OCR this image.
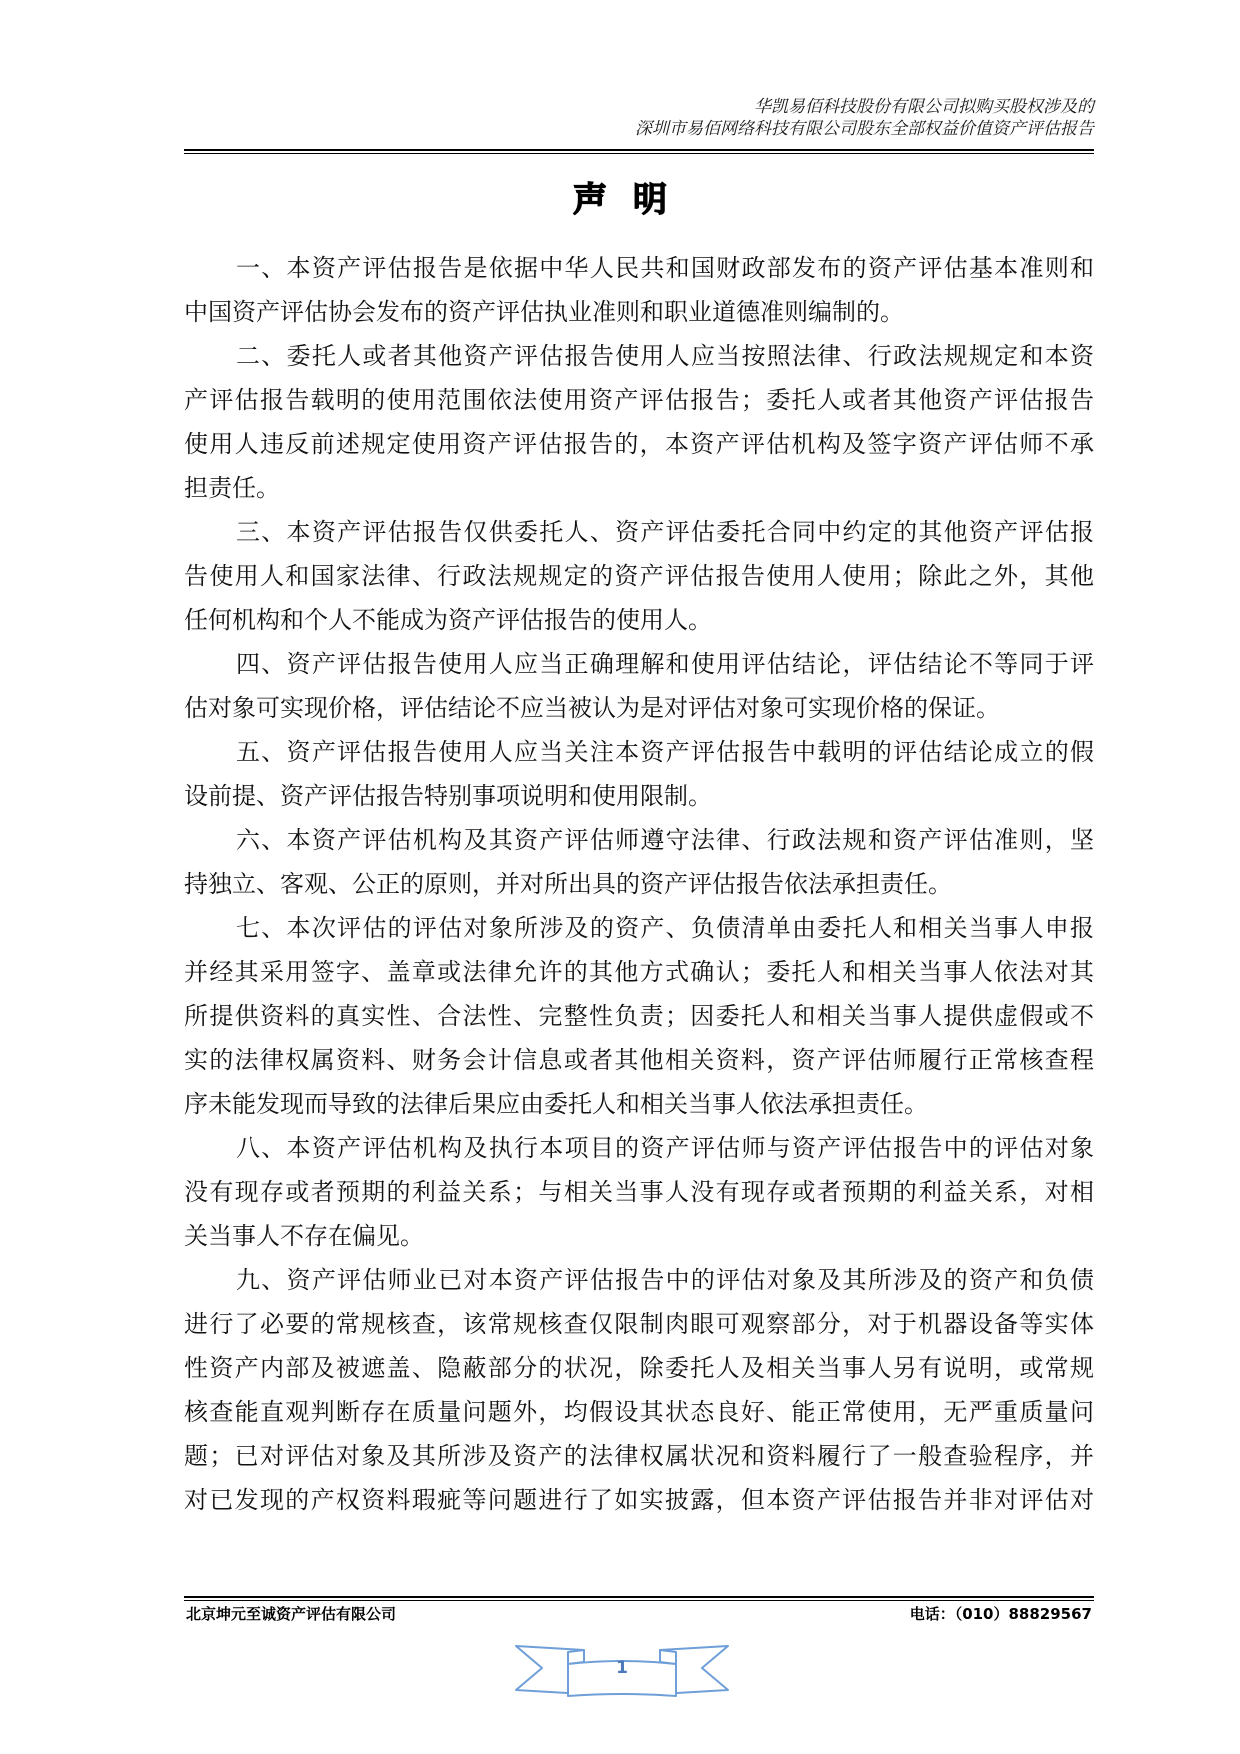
华凯易佰科技股份有限公司拟购买股权涉及的
深圳市易佰网络科技有限公司股东全部权益价值资产评估报告
声明
一、本资产评估报告是依据中华人民共和国财政部发布的资产评估基本准则和
中国资产评估协会发布的资产评估执业准则和职业道德准则编制的。
二、委托人或者其他资产评估报告使用人应当按照法律、行政法规规定和本资
产评估报告载明的使用范围依法使用资产评估报告；委托人或者其他资产评估报告
使用人违反前述规定使用资产评估报告的，本资产评估机构及签字资产评估师不承
担责任。
三、本资产评估报告仅供委托人、资产评估委托合同中约定的其他资产评估报
告使用人和国家法律、行政法规规定的资产评估报告使用人使用；除此之外，其他
任何机构和个人不能成为资产评估报告的使用人。
四、资产评估报告使用人应当正确理解和使用评估结论，评估结论不等同于评
估对象可实现价格，评估结论不应当被认为是对评估对象可实现价格的保证。
五、资产评估报告使用人应当关注本资产评估报告中载明的评估结论成立的假
设前提、资产评估报告特别事项说明和使用限制。
六、本资产评估机构及其资产评估师遵守法律、行政法规和资产评估准则，坚
持独立、客观、公正的原则，并对所出具的资产评估报告依法承担责任。
七、本次评估的评估对象所涉及的资产、负债清单由委托人和相关当事人申报
并经其采用签字、盖章或法律允许的其他方式确认；委托人和相关当事人依法对其
所提供资料的真实性、合法性、完整性负责；因委托人和相关当事人提供虚假或不
实的法律权属资料、财务会计信息或者其他相关资料，资产评估师履行正常核查程
序未能发现而导致的法律后果应由委托人和相关当事人依法承担责任。
八、本资产评估机构及执行本项目的资产评估师与资产评估报告中的评估对象
没有现存或者预期的利益关系；与相关当事人没有现存或者预期的利益关系，对相
关当事人不存在偏见。
九、资产评估师业已对本资产评估报告中的评估对象及其所涉及的资产和负债
进行了必要的常规核查，该常规核查仅限制肉眼可观察部分，对于机器设备等实体
性资产内部及被遮盖、隐蔽部分的状况，除委托人及相关当事人另有说明，或常规
核查能直观判断存在质量问题外，均假设其状态良好、能正常使用，无严重质量问
题；已对评估对象及其所涉及资产的法律权属状况和资料履行了一般查验程序，并
对已发现的产权资料瑕疵等问题进行了如实披露，但本资产评估报告并非对评估对
北京坤元至诚资产评估有限公司	电话：（010）88829567
1
